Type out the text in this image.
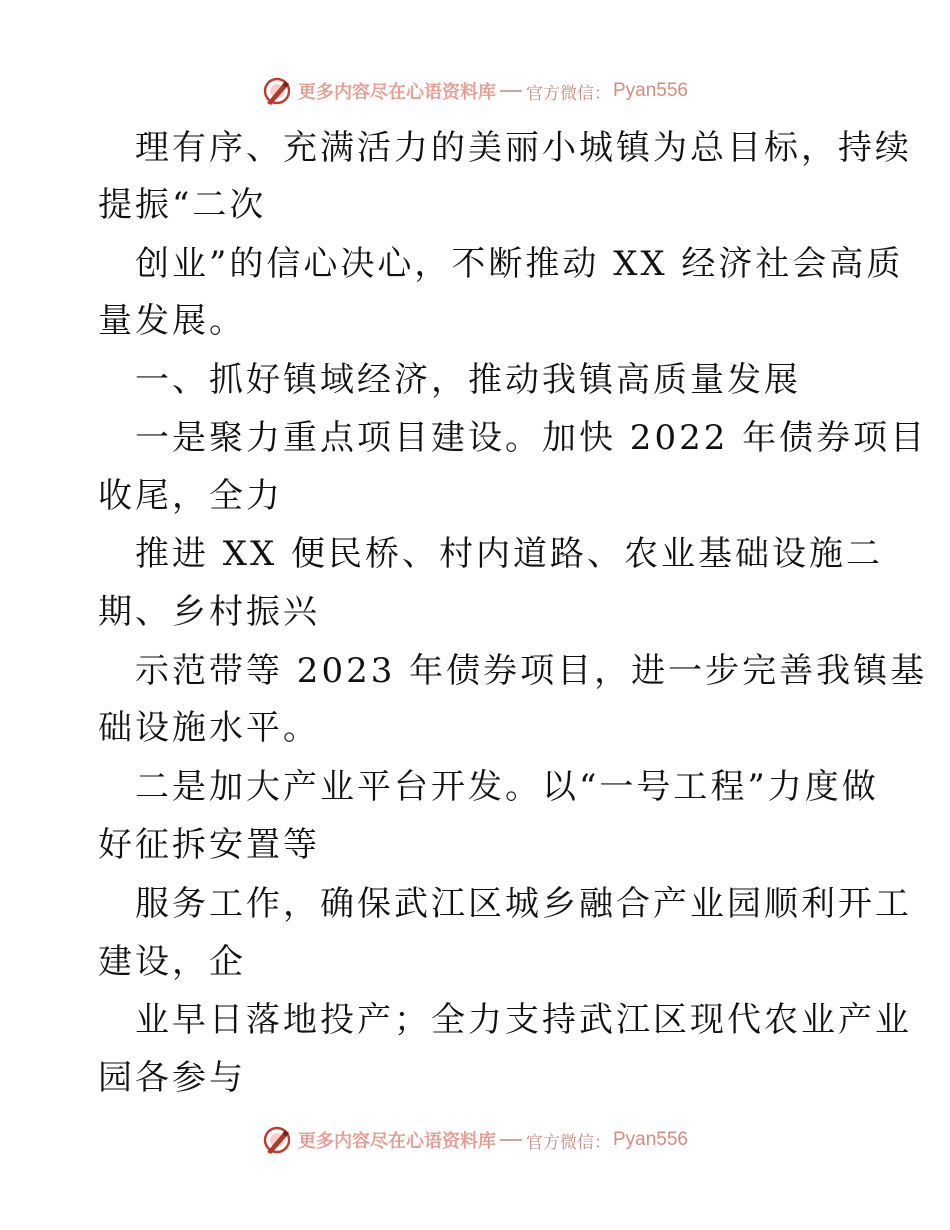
更多内容尽在心语资料库 官方微信： Pyan556
理有序、充满活力的美丽小城镇为总目标，持续
提振“二次
创业”的信心决心，不断推动 XX 经济社会高质
量发展。
一、抓好镇域经济，推动我镇高质量发展
一是聚力重点项目建设。加快 2022 年债券项目
收尾，全力
推进 XX 便民桥、村内道路、农业基础设施二
期、乡村振兴
示范带等 2023 年债券项目，进一步完善我镇基
础设施水平。
二是加大产业平台开发。以“一号工程”力度做
好征拆安置等
服务工作，确保武江区城乡融合产业园顺利开工
建设，企
业早日落地投产；全力支持武江区现代农业产业
园各参与
更多内容尽在心语资料库 官方微信： Pyan556
